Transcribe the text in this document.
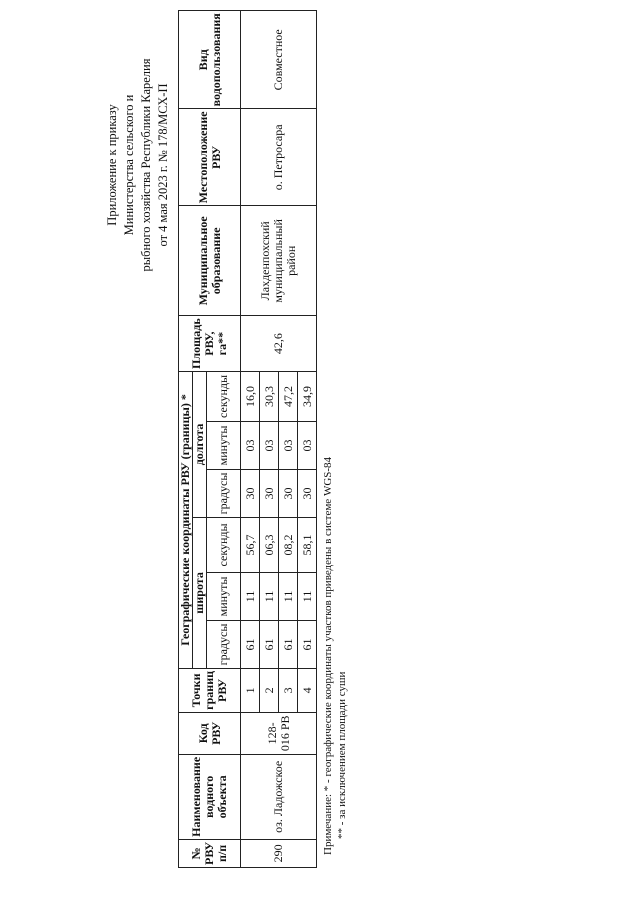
Приложение к приказу Министерства сельского и рыбного хозяйства Республики Карелия от 4 мая 2023 г. № 178/МСХ-П
№ РВУ п/п	Наименование водного объекта	Код РВУ	Точки границ РВУ	Географические координаты РВУ (границы) *						Площадь РВУ, га**	Муниципальное образование	Местоположение РВУ	Вид водопользования
				широта			долгота						
				градусы	минуты	секунды	градусы	минуты	секунды				
290	оз. Ладожское	128-016 РВ	1	61	11	56,7	30	03	16,0	42,6	Лахденпохский муниципальный район	о. Петросара	Совместное
			2	61	11	06,3	30	03	30,3				
			3	61	11	08,2	30	03	47,2				
			4	61	11	58,1	30	03	34,9				
Примечание: * - географические координаты участков приведены в системе WGS-84 ** - за исключением площади суши
